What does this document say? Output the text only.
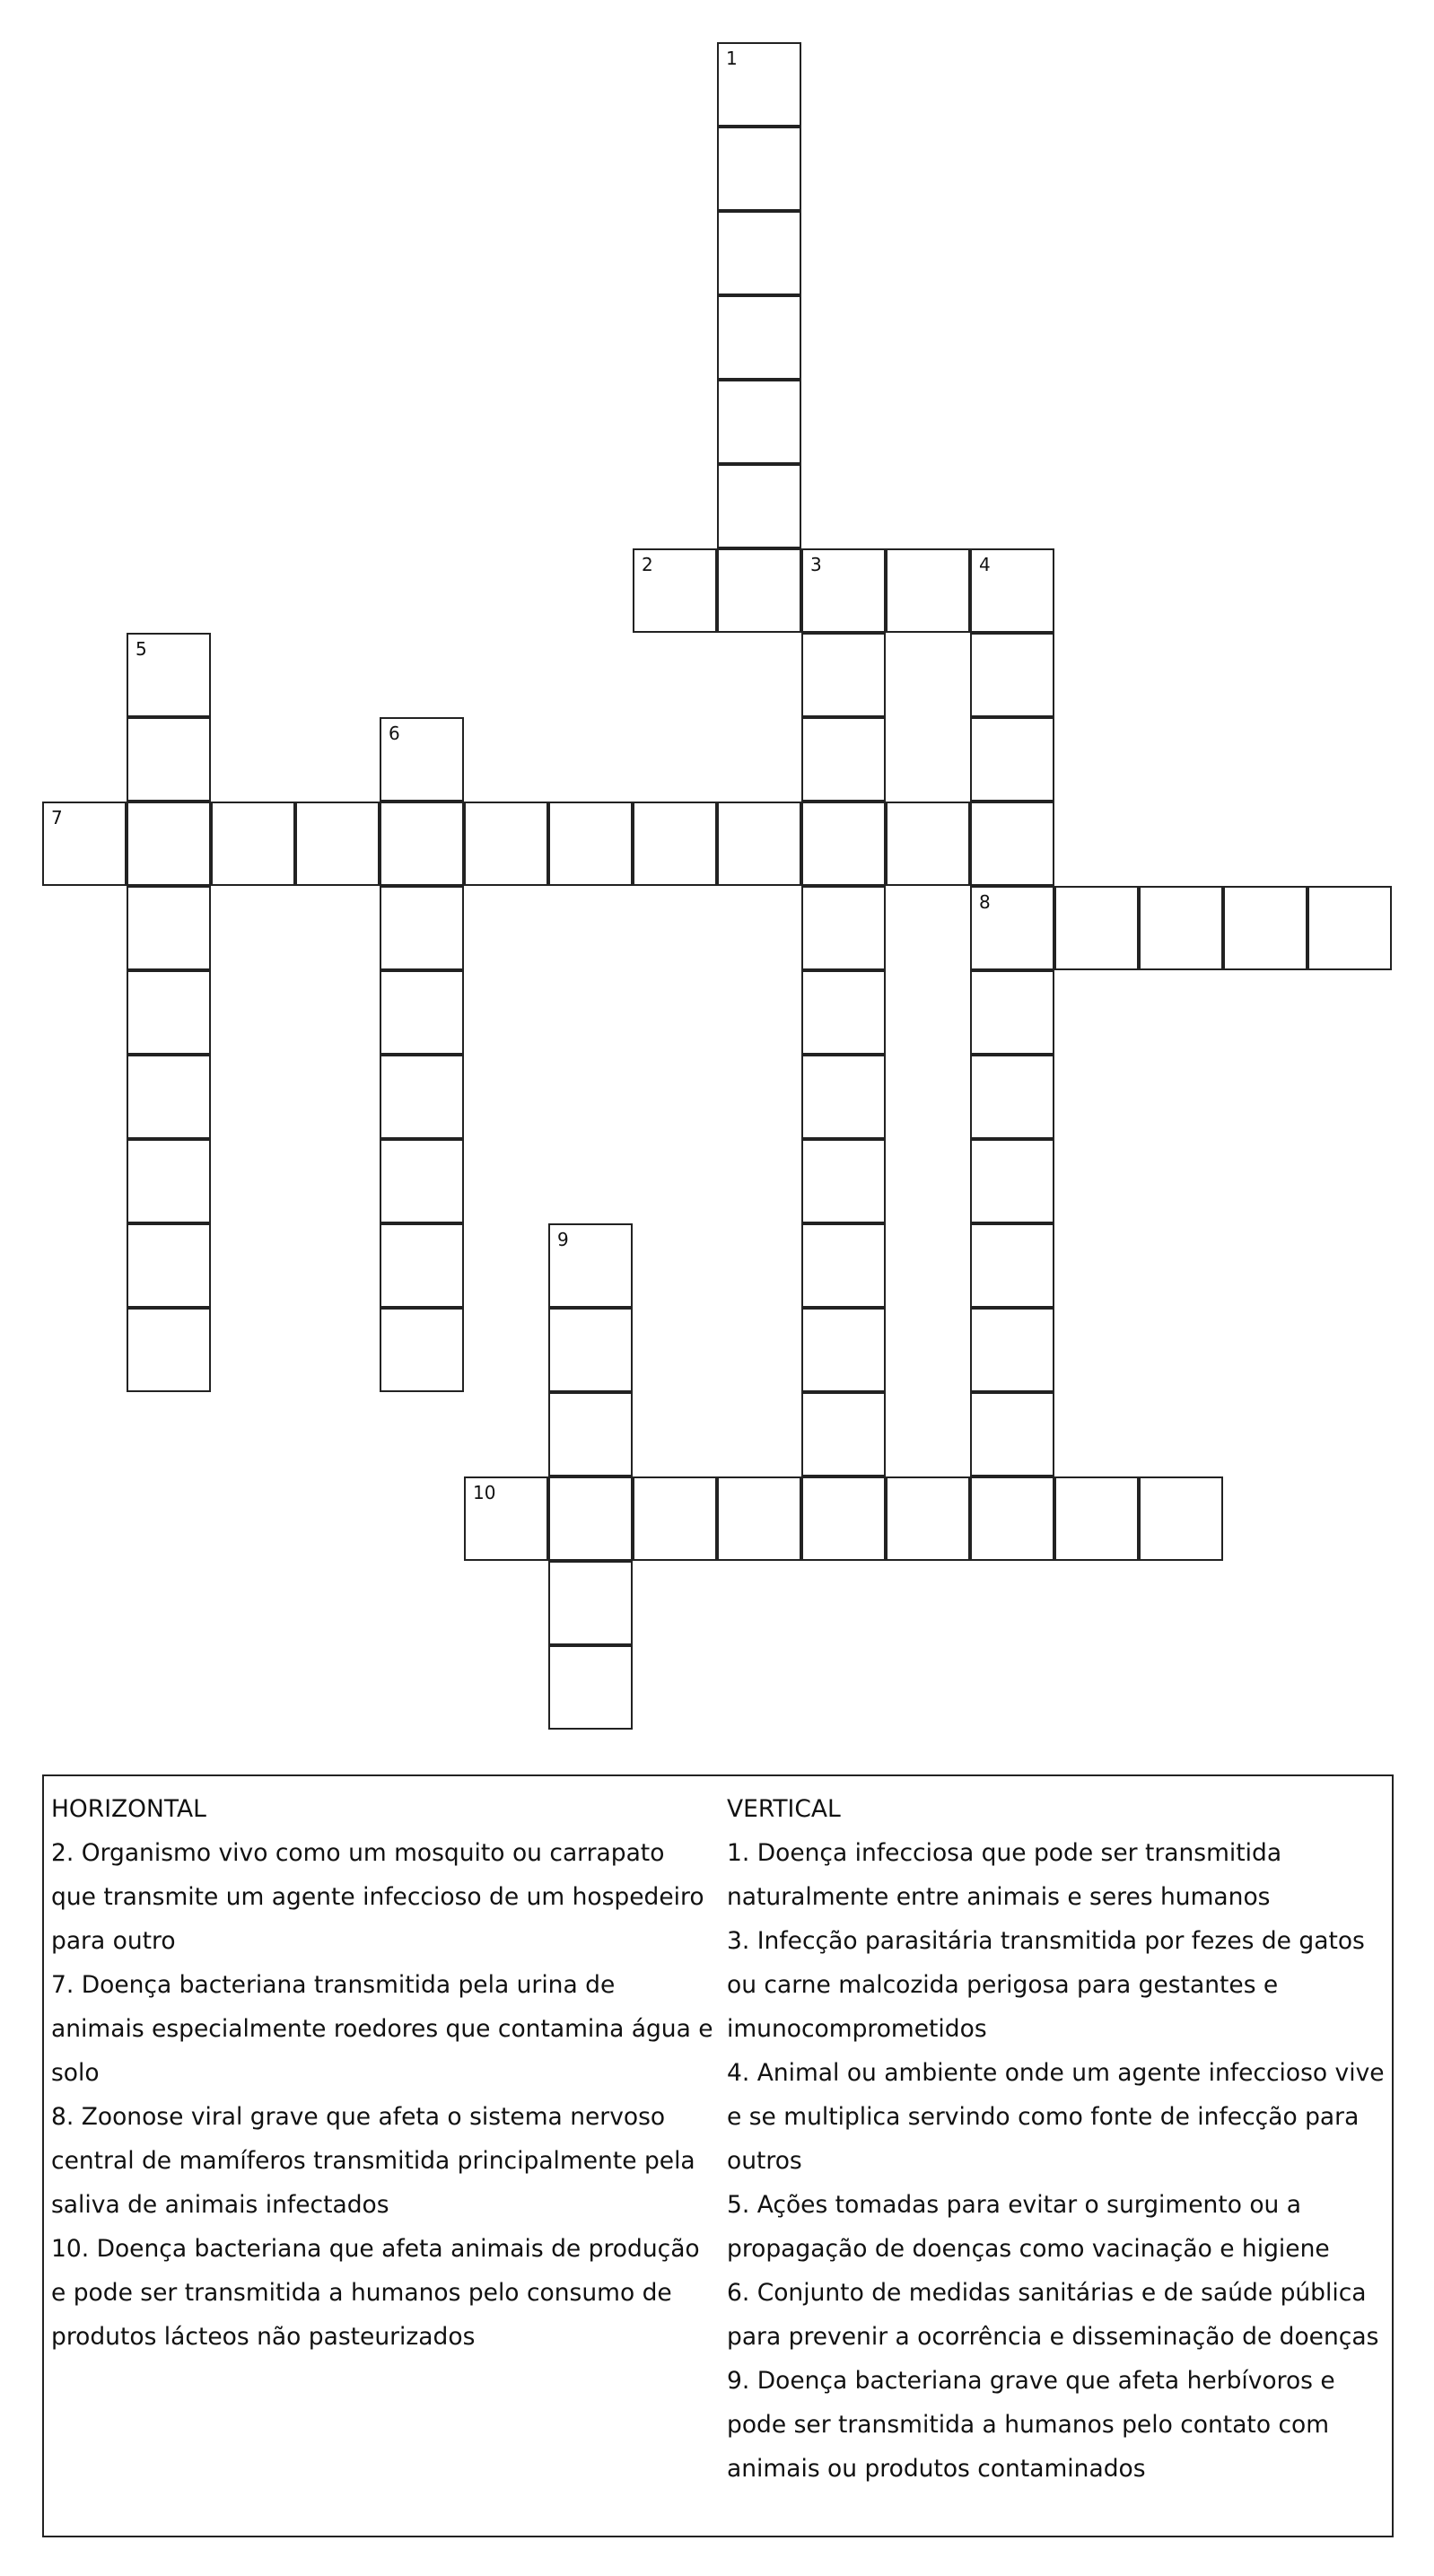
1
2	3	4
8
5
6
7
9
10
HORIZONTAL
2. Organismo vivo como um mosquito ou carrapato que transmite um agente infeccioso de um hospedeiro para outro
7. Doença bacteriana transmitida pela urina de animais especialmente roedores que contamina água e solo
8. Zoonose viral grave que afeta o sistema nervoso central de mamíferos transmitida principalmente pela saliva de animais infectados
10. Doença bacteriana que afeta animais de produção e pode ser transmitida a humanos pelo consumo de produtos lácteos não pasteurizados
VERTICAL
1. Doença infecciosa que pode ser transmitida naturalmente entre animais e seres humanos
3. Infecção parasitária transmitida por fezes de gatos ou carne malcozida perigosa para gestantes e imunocomprometidos
4. Animal ou ambiente onde um agente infeccioso vive e se multiplica servindo como fonte de infecção para outros
5. Ações tomadas para evitar o surgimento ou a propagação de doenças como vacinação e higiene
6. Conjunto de medidas sanitárias e de saúde pública para prevenir a ocorrência e disseminação de doenças
9. Doença bacteriana grave que afeta herbívoros e pode ser transmitida a humanos pelo contato com animais ou produtos contaminados
